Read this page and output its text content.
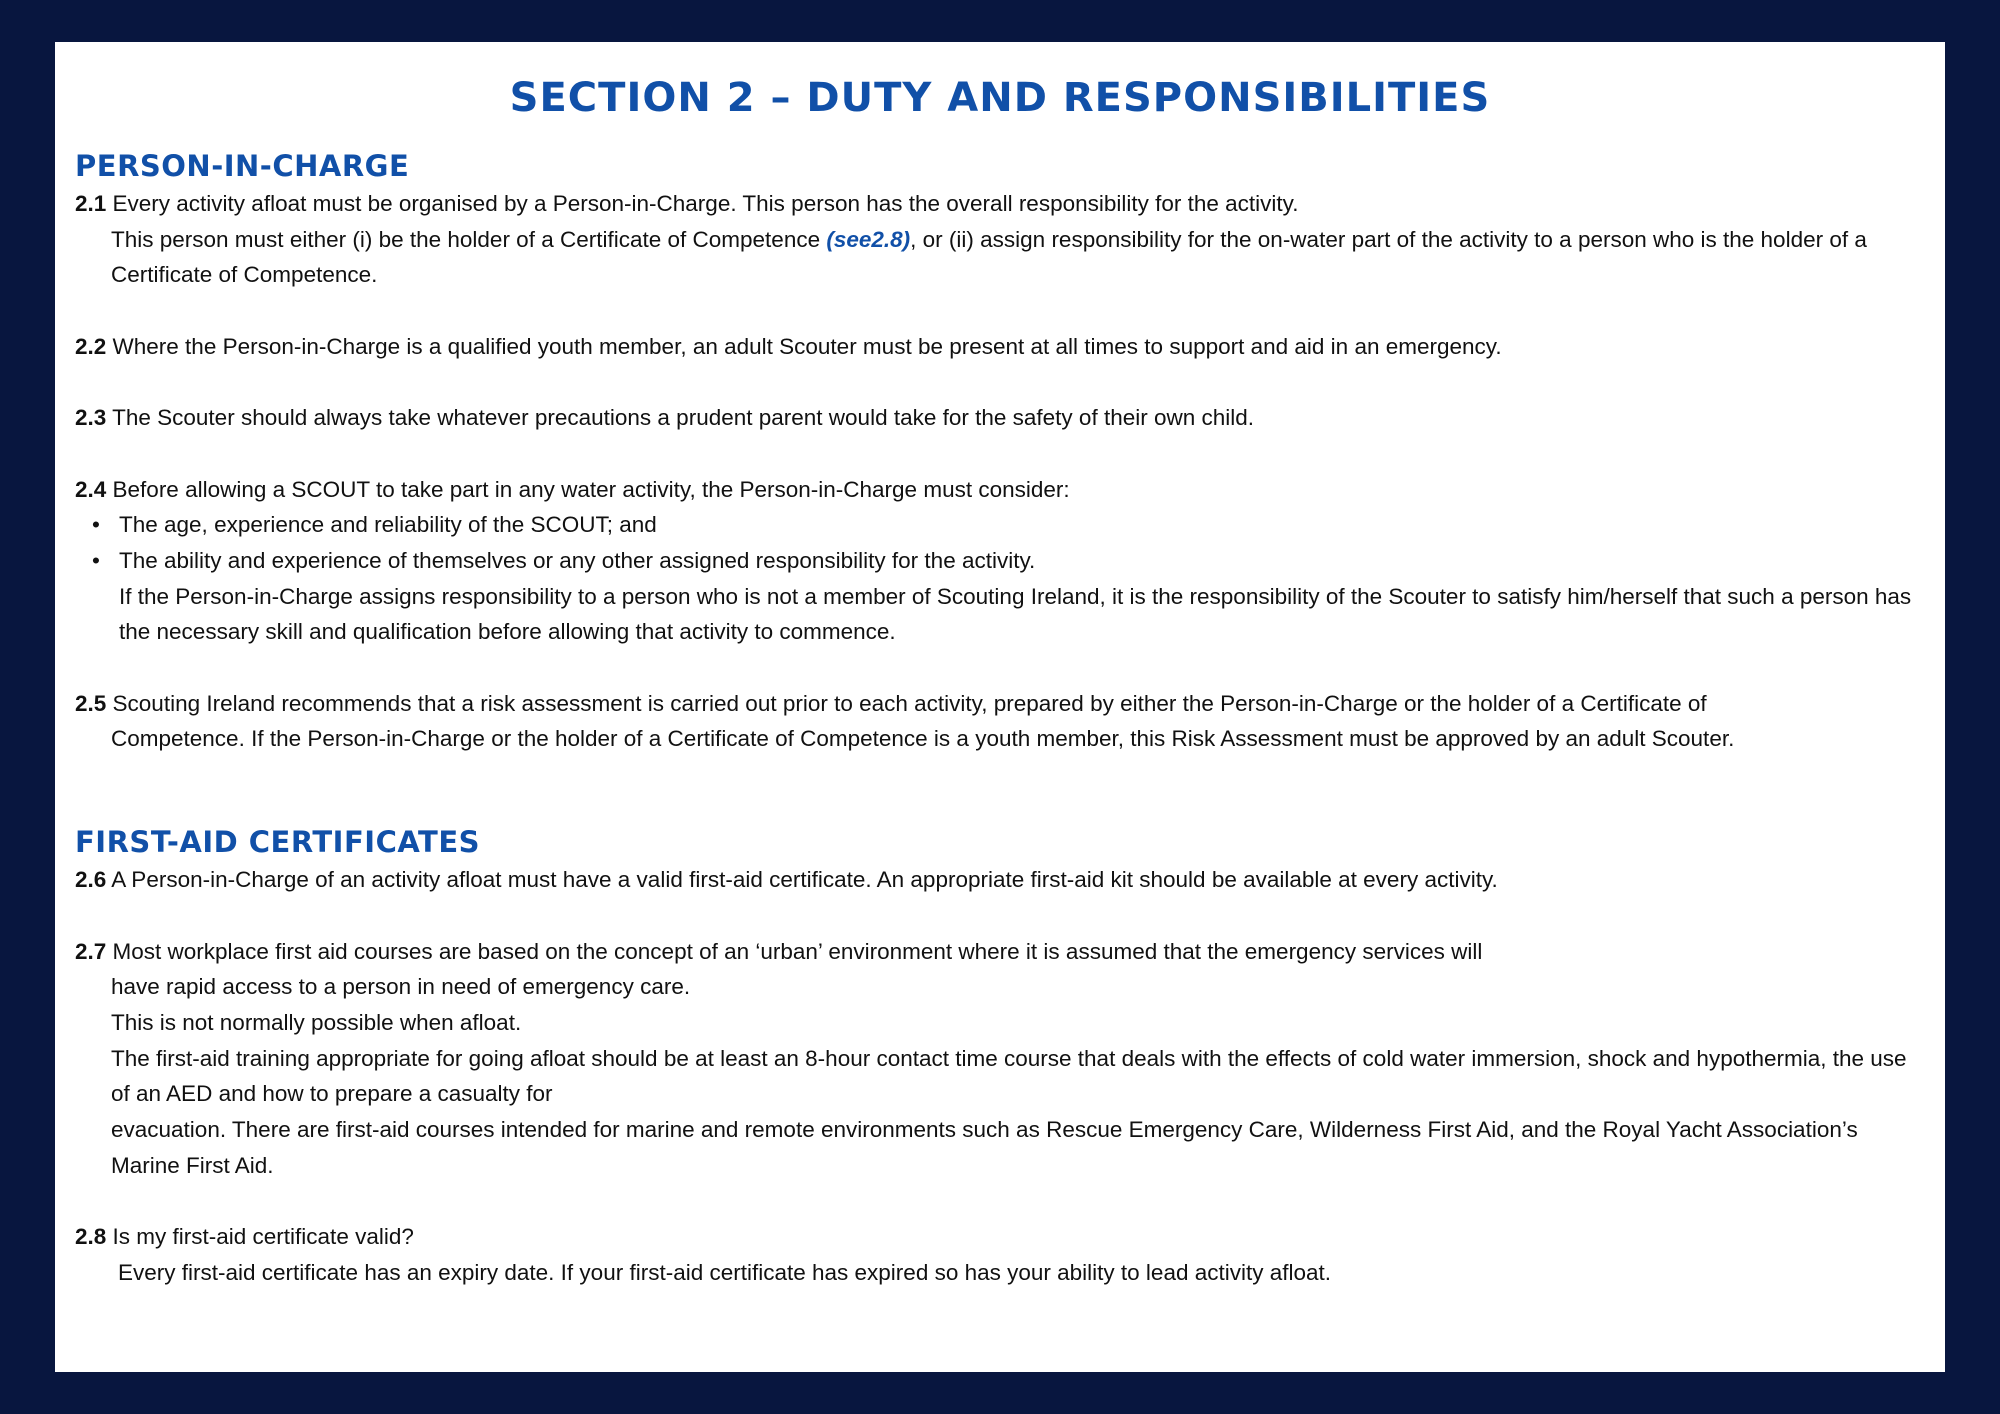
SECTION 2 – DUTY AND RESPONSIBILITIES
PERSON-IN-CHARGE

2.1 Every activity afloat must be organised by a Person-in-Charge. This person has the overall responsibility for the activity.

This person must either (i) be the holder of a Certificate of Competence (see2.8), or (ii) assign responsibility for the on-water part of the activity to a person who is the holder of a Certificate of Competence.

2.2 Where the Person-in-Charge is a qualified youth member, an adult Scouter must be present at all times to support and aid in an emergency.

2.3 The Scouter should always take whatever precautions a prudent parent would take for the safety of their own child.

2.4 Before allowing a SCOUT to take part in any water activity, the Person-in-Charge must consider:

• The age, experience and reliability of the SCOUT; and

• The ability and experience of themselves or any other assigned responsibility for the activity.

If the Person-in-Charge assigns responsibility to a person who is not a member of Scouting Ireland, it is the responsibility of the Scouter to satisfy him/herself that such a person has the necessary skill and qualification before allowing that activity to commence.

2.5 Scouting Ireland recommends that a risk assessment is carried out prior to each activity, prepared by either the Person-in-Charge or the holder of a Certificate of

Competence. If the Person-in-Charge or the holder of a Certificate of Competence is a youth member, this Risk Assessment must be approved by an adult Scouter.

FIRST-AID CERTIFICATES

2.6 A Person-in-Charge of an activity afloat must have a valid first-aid certificate. An appropriate first-aid kit should be available at every activity.

2.7 Most workplace first aid courses are based on the concept of an ‘urban’ environment where it is assumed that the emergency services will

have rapid access to a person in need of emergency care.

This is not normally possible when afloat.

The first-aid training appropriate for going afloat should be at least an 8-hour contact time course that deals with the effects of cold water immersion, shock and hypothermia, the use of an AED and how to prepare a casualty for

evacuation. There are first-aid courses intended for marine and remote environments such as Rescue Emergency Care, Wilderness First Aid, and the Royal Yacht Association’s Marine First Aid.

2.8 Is my first-aid certificate valid?

Every first-aid certificate has an expiry date. If your first-aid certificate has expired so has your ability to lead activity afloat.
